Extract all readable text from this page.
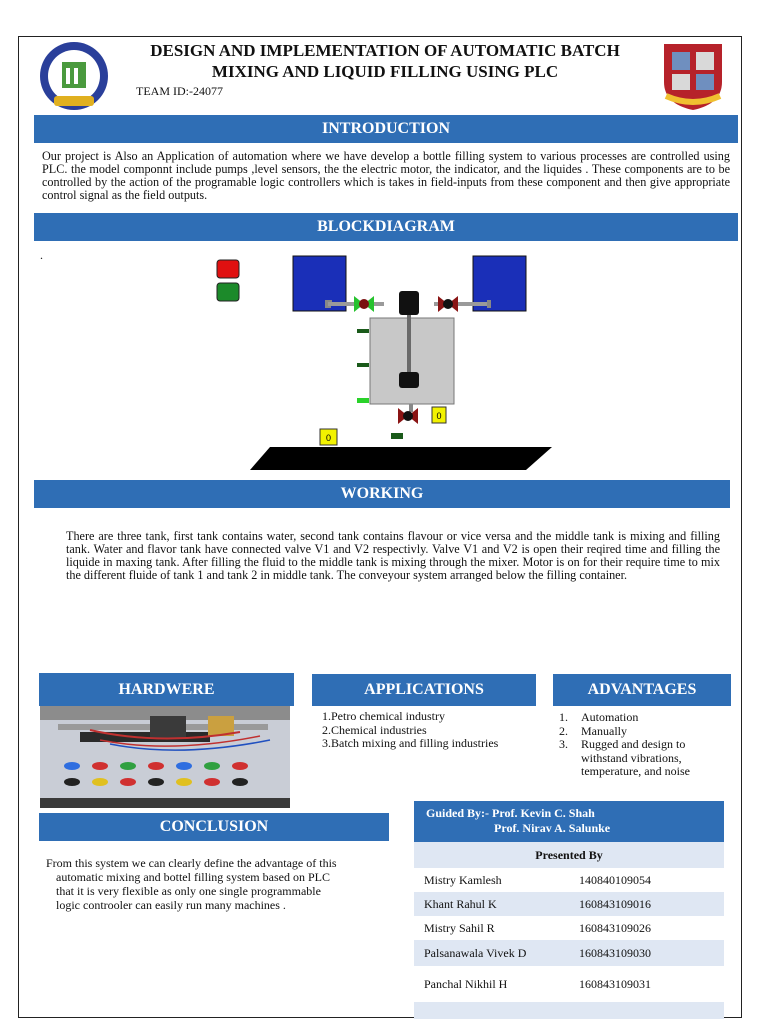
DESIGN AND IMPLEMENTATION OF AUTOMATIC BATCH
MIXING AND LIQUID FILLING USING PLC
TEAM ID:-24077
INTRODUCTION
Our project is Also an Application of automation where we have develop a bottle filling system to various processes are controlled using PLC. the model componnt include pumps ,level sensors, the the electric motor, the indicator, and the liquides . These components are to be controlled by the action of the programable logic controllers which is takes in field-inputs from these component and then give appropriate control signal as the field outputs.
BLOCKDIAGRAM
.
0
0
WORKING
There are three tank, first tank contains water, second tank contains flavour or vice versa and the middle tank is mixing and filling tank. Water and flavor tank have connected valve V1 and V2 respectivly. Valve V1 and V2 is open their reqired time and filling the liquide in maxing tank. After filling the fluid to the middle tank is mixing through the mixer. Motor is on for their require time to mix the different fluide of tank 1 and tank 2 in middle tank. The conveyour system arranged below the filling container.
HARDWERE	APPLICATIONS
1.Petro chemical industry
2.Chemical industries
3.Batch mixing and filling industries
ADVANTAGES
1.	Automation
2.	Manually
3.	Rugged and design to
withstand vibrations,
temperature, and noise
CONCLUSION
From this system we can clearly define the advantage of this
automatic mixing and bottel filling system based on PLC
that it is very flexible as only one single programmable
logic controoler can easily run many machines .
Guided By:- Prof. Kevin C. Shah
Prof. Nirav A. Salunke
Presented By
Mistry Kamlesh	140840109054
Khant Rahul K	160843109016
Mistry Sahil R	160843109026
Palsanawala Vivek D	160843109030
Panchal Nikhil H	160843109031
